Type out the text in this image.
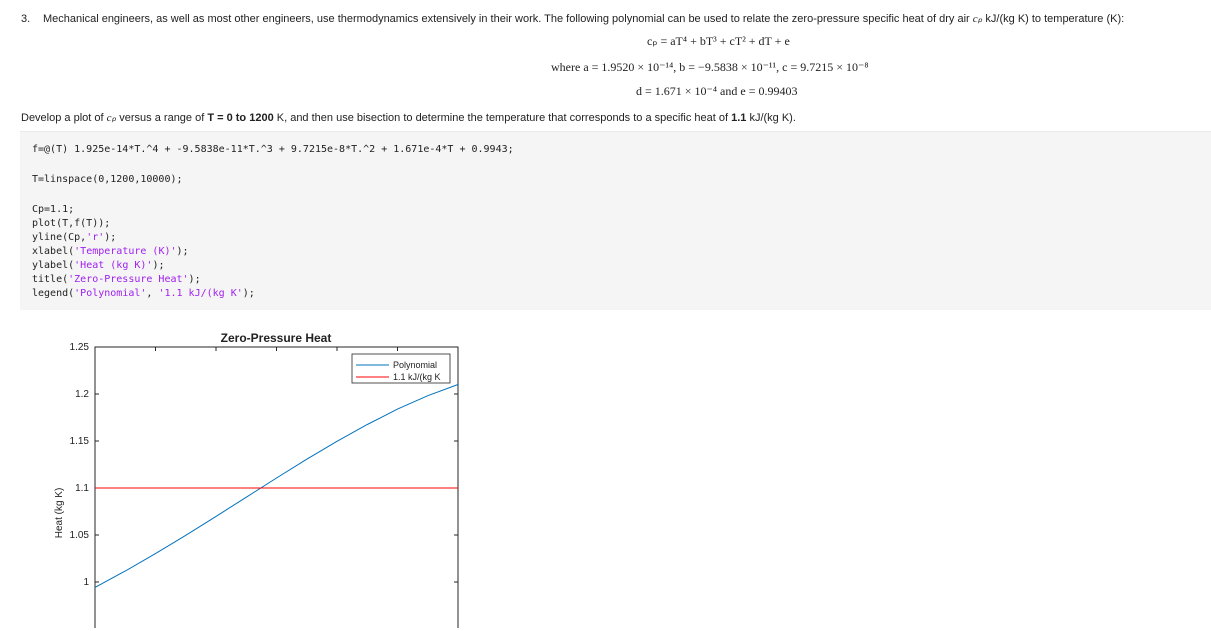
3. Mechanical engineers, as well as most other engineers, use thermodynamics extensively in their work. The following polynomial can be used to relate the zero-pressure specific heat of dry air cₚ kJ/(kg K) to temperature (K):
cₚ = aT⁴ + bT³ + cT² + dT + e
where a = 1.9520 × 10⁻¹⁴, b = −9.5838 × 10⁻¹¹, c = 9.7215 × 10⁻⁸
d = 1.671 × 10⁻⁴ and e = 0.99403
Develop a plot of cₚ versus a range of T = 0 to 1200 K, and then use bisection to determine the temperature that corresponds to a specific heat of 1.1 kJ/(kg K).
f=@(T) 1.925e-14*T.^4 + -9.5838e-11*T.^3 + 9.7215e-8*T.^2 + 1.671e-4*T + 0.9943;
T=linspace(0,1200,10000);
Cp=1.1;
plot(T,f(T));
yline(Cp,'r');
xlabel('Temperature (K)');
ylabel('Heat (kg K)');
title('Zero-Pressure Heat');
legend('Polynomial', '1.1 kJ/(kg K');
Zero-Pressure Heat
Heat (kg K)
1
1.05
1.1
1.15
1.2
1.25
Polynomial
1.1 kJ/(kg K
